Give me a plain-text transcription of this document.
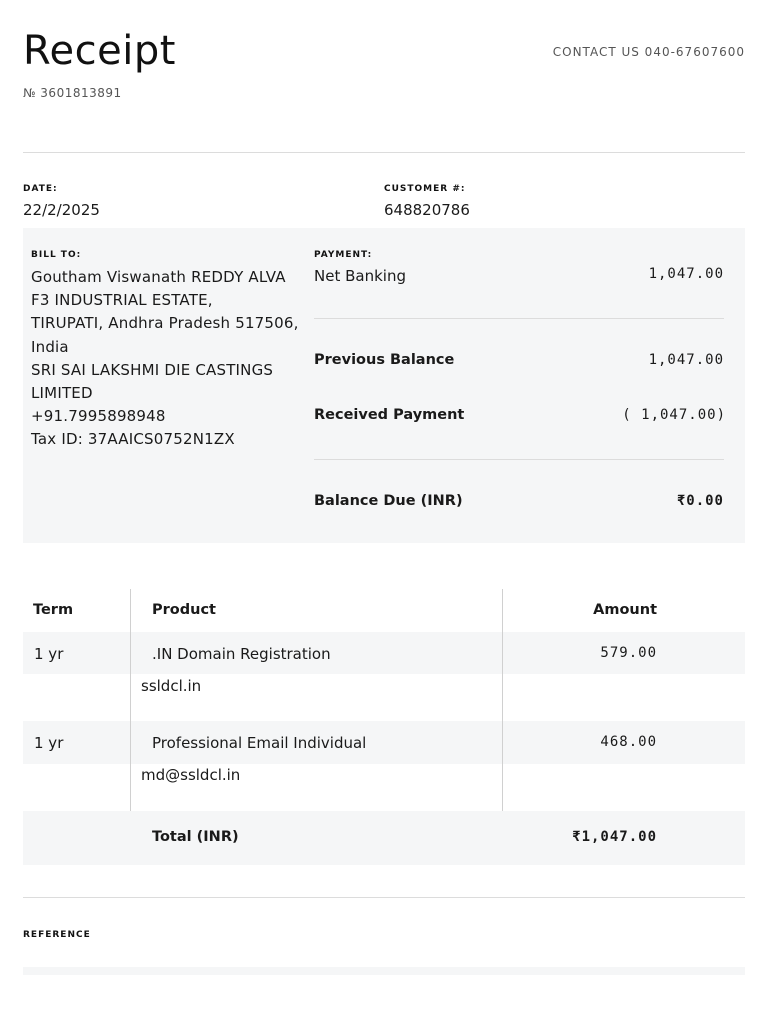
Receipt
№ 3601813891
CONTACT US 040-67607600
DATE:
22/2/2025
CUSTOMER #:
648820786
BILL TO:
Goutham Viswanath REDDY ALVA
F3 INDUSTRIAL ESTATE,
TIRUPATI, Andhra Pradesh 517506,
India
SRI SAI LAKSHMI DIE CASTINGS
LIMITED
+91.7995898948
Tax ID: 37AAICS0752N1ZX
PAYMENT:
Net Banking	1,047.00
Previous Balance	1,047.00
Received Payment	( 1,047.00)
Balance Due (INR)	₹0.00
Term	Product	Amount
1 yr	.IN Domain Registration	579.00
ssldcl.in
1 yr	Professional Email Individual	468.00
md@ssldcl.in
Total (INR)	₹1,047.00
REFERENCE
